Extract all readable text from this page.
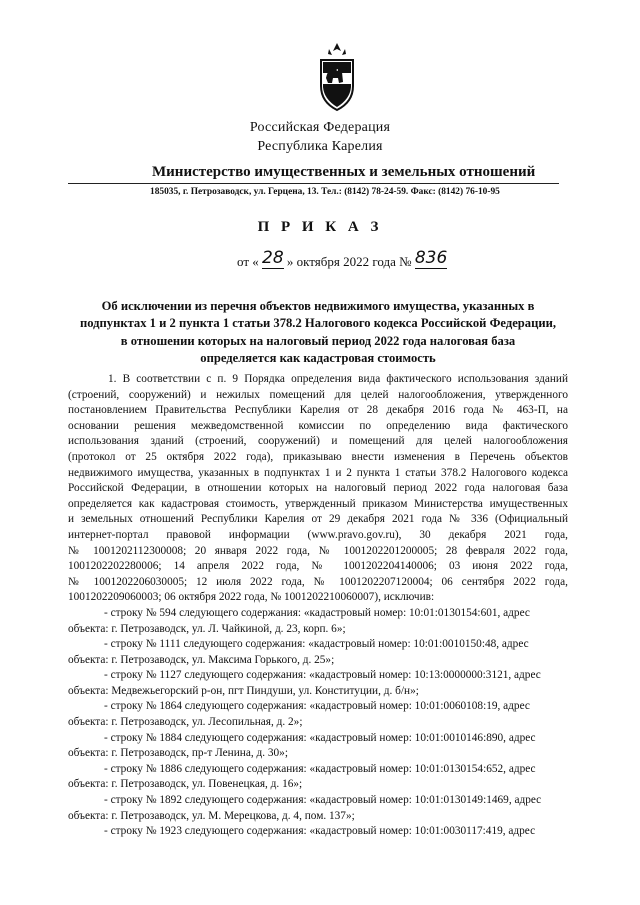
Российская Федерация
Республика Карелия
Министерство имущественных и земельных отношений
185035, г. Петрозаводск, ул. Герцена, 13. Тел.: (8142) 78-24-59. Факс: (8142) 76-10-95
П Р И К А З
от « 28 » октября 2022 года № 836
Об исключении из перечня объектов недвижимого имущества, указанных в
подпунктах 1 и 2 пункта 1 статьи 378.2 Налогового кодекса Российской Федерации,
в отношении которых на налоговый период 2022 года налоговая база
определяется как кадастровая стоимость
1. В соответствии с п. 9 Порядка определения вида фактического использования зданий
(строений, сооружений) и нежилых помещений для целей налогообложения, утвержденного
постановлением Правительства Республики Карелия от 28 декабря 2016 года № 463-П, на
основании решения межведомственной комиссии по определению вида фактического
использования зданий (строений, сооружений) и помещений для целей налогообложения
(протокол от 25 октября 2022 года), приказываю внести изменения в Перечень объектов
недвижимого имущества, указанных в подпунктах 1 и 2 пункта 1 статьи 378.2 Налогового кодекса
Российской Федерации, в отношении которых на налоговый период 2022 года налоговая база
определяется как кадастровая стоимость, утвержденный приказом Министерства имущественных
и земельных отношений Республики Карелия от 29 декабря 2021 года № 336 (Официальный
интернет-портал правовой информации (www.pravo.gov.ru), 30 декабря 2021 года,
№ 1001202112300008; 20 января 2022 года, № 1001202201200005; 28 февраля 2022 года,
1001202202280006; 14 апреля 2022 года, № 1001202204140006; 03 июня 2022 года,
№ 1001202206030005; 12 июля 2022 года, № 1001202207120004; 06 сентября 2022 года,
1001202209060003; 06 октября 2022 года, № 1001202210060007), исключив:
- строку № 594 следующего содержания: «кадастровый номер: 10:01:0130154:601, адрес
объекта: г. Петрозаводск, ул. Л. Чайкиной, д. 23, корп. 6»;
- строку № 1111 следующего содержания: «кадастровый номер: 10:01:0010150:48, адрес
объекта: г. Петрозаводск, ул. Максима Горького, д. 25»;
- строку № 1127 следующего содержания: «кадастровый номер: 10:13:0000000:3121, адрес
объекта: Медвежьегорский р-он, пгт Пиндуши, ул. Конституции, д. б/н»;
- строку № 1864 следующего содержания: «кадастровый номер: 10:01:0060108:19, адрес
объекта: г. Петрозаводск, ул. Лесопильная, д. 2»;
- строку № 1884 следующего содержания: «кадастровый номер: 10:01:0010146:890, адрес
объекта: г. Петрозаводск, пр-т Ленина, д. 30»;
- строку № 1886 следующего содержания: «кадастровый номер: 10:01:0130154:652, адрес
объекта: г. Петрозаводск, ул. Повенецкая, д. 16»;
- строку № 1892 следующего содержания: «кадастровый номер: 10:01:0130149:1469, адрес
объекта: г. Петрозаводск, ул. М. Мерецкова, д. 4, пом. 137»;
- строку № 1923 следующего содержания: «кадастровый номер: 10:01:0030117:419, адрес
